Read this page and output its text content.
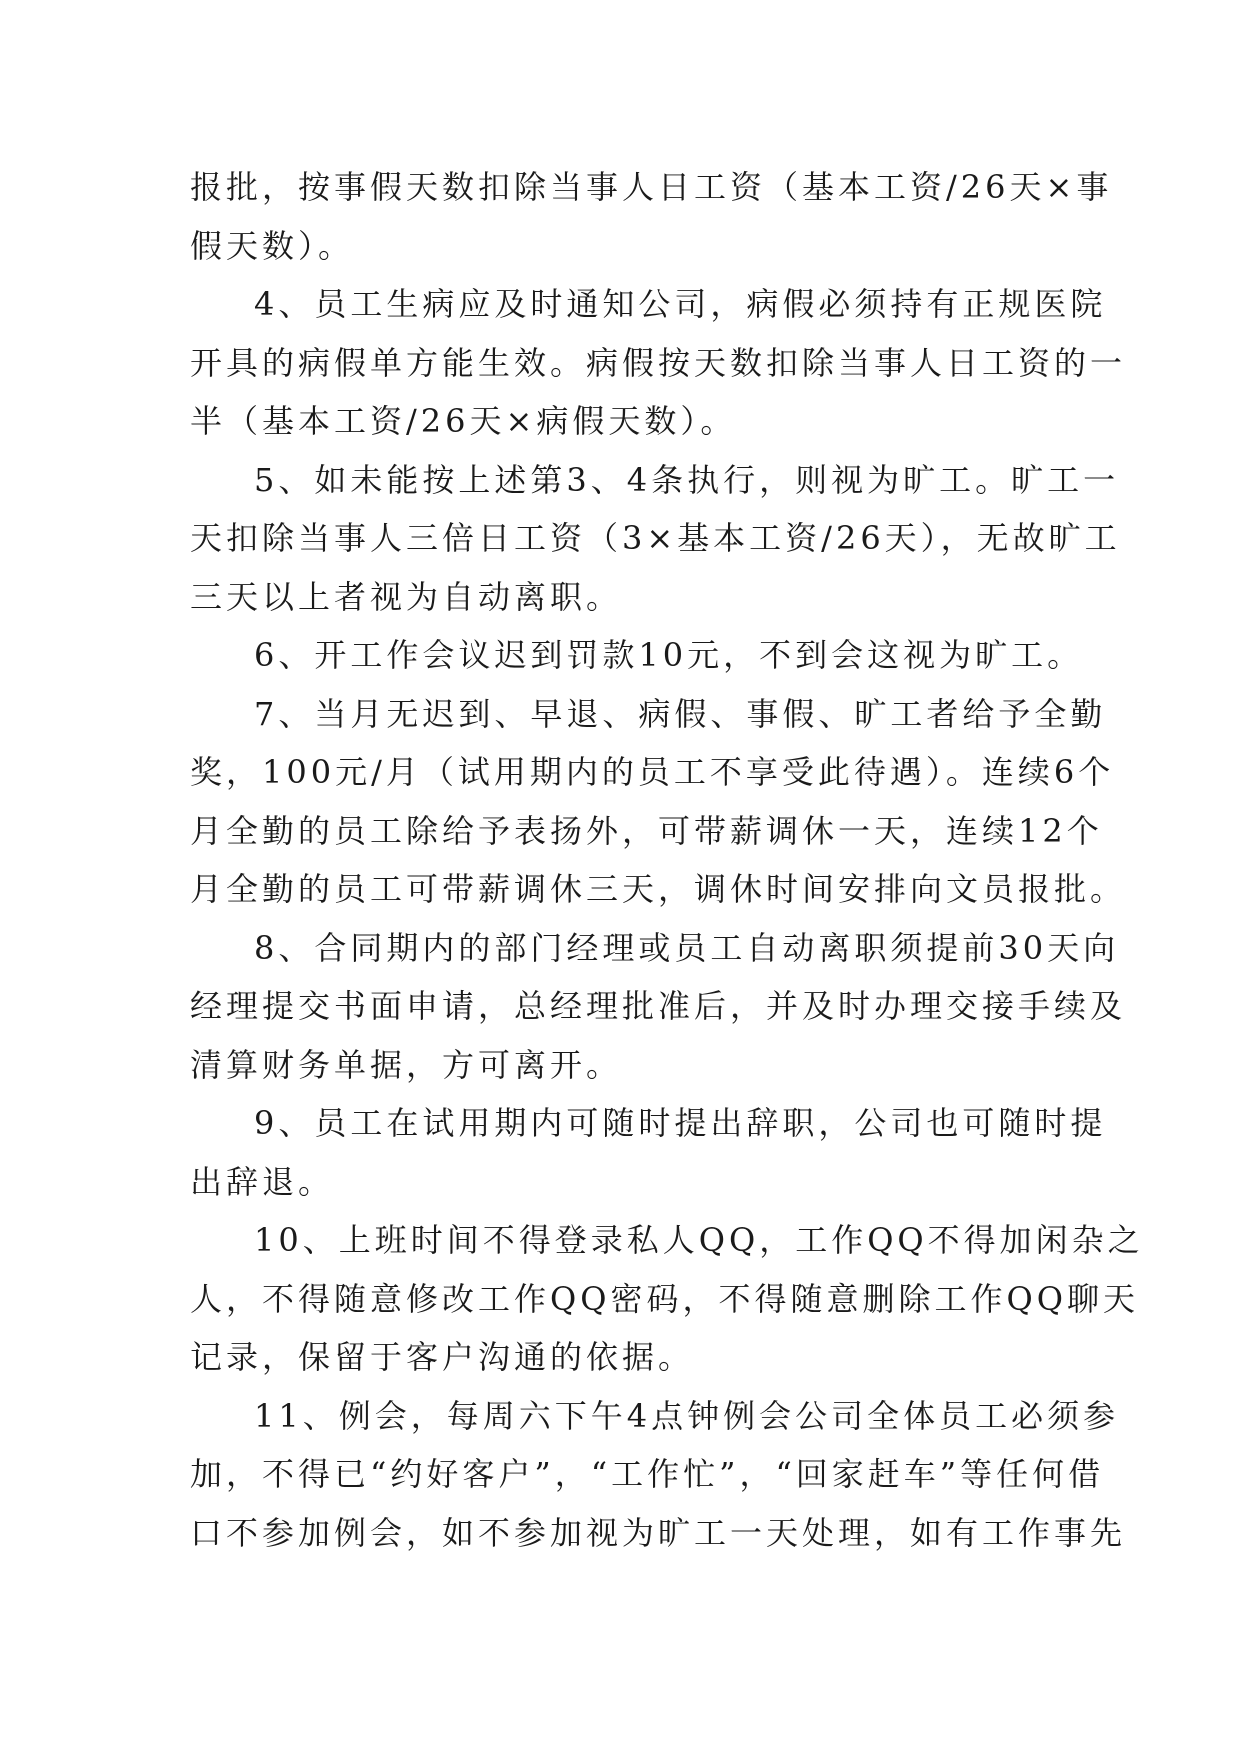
报批，按事假天数扣除当事人日工资（基本工资/26天×事
假天数）。
4、员工生病应及时通知公司，病假必须持有正规医院
开具的病假单方能生效。病假按天数扣除当事人日工资的一
半（基本工资/26天×病假天数）。
5、如未能按上述第3、4条执行，则视为旷工。旷工一
天扣除当事人三倍日工资（3×基本工资/26天），无故旷工
三天以上者视为自动离职。
6、开工作会议迟到罚款10元，不到会这视为旷工。
7、当月无迟到、早退、病假、事假、旷工者给予全勤
奖，100元/月（试用期内的员工不享受此待遇）。连续6个
月全勤的员工除给予表扬外，可带薪调休一天，连续12个
月全勤的员工可带薪调休三天，调休时间安排向文员报批。
8、合同期内的部门经理或员工自动离职须提前30天向
经理提交书面申请，总经理批准后，并及时办理交接手续及
清算财务单据，方可离开。
9、员工在试用期内可随时提出辞职，公司也可随时提
出辞退。
10、上班时间不得登录私人QQ，工作QQ不得加闲杂之
人，不得随意修改工作QQ密码，不得随意删除工作QQ聊天
记录，保留于客户沟通的依据。
11、例会，每周六下午4点钟例会公司全体员工必须参
加，不得已“约好客户”，“工作忙”，“回家赶车”等任何借
口不参加例会，如不参加视为旷工一天处理，如有工作事先
